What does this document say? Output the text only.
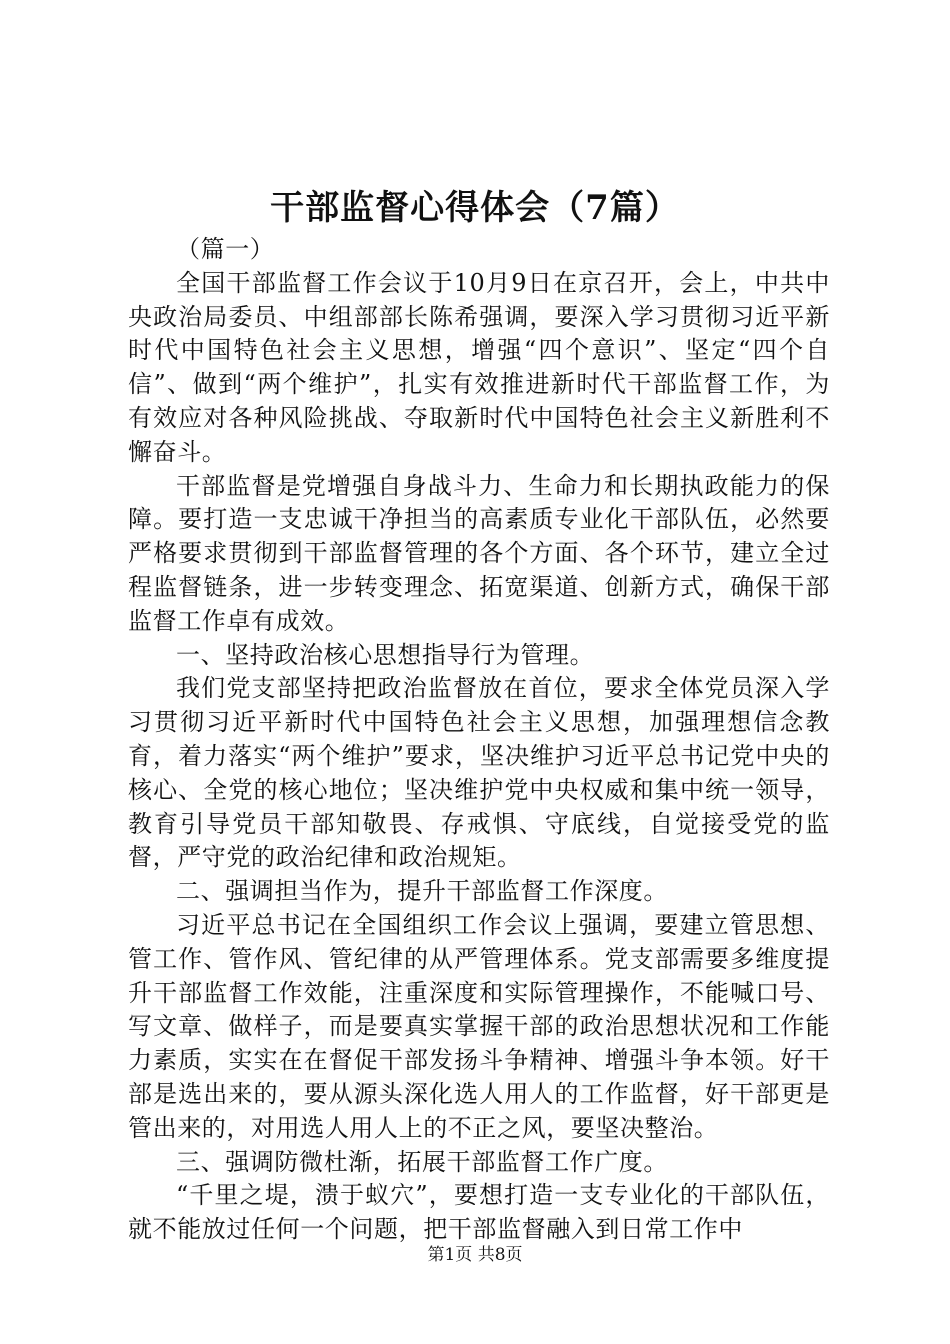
干部监督心得体会（7篇）

（篇一）

全国干部监督工作会议于10月9日在京召开，会上，中共中央政治局委员、中组部部长陈希强调，要深入学习贯彻习近平新时代中国特色社会主义思想，增强“四个意识”、坚定“四个自信”、做到“两个维护”，扎实有效推进新时代干部监督工作，为有效应对各种风险挑战、夺取新时代中国特色社会主义新胜利不懈奋斗。

干部监督是党增强自身战斗力、生命力和长期执政能力的保障。要打造一支忠诚干净担当的高素质专业化干部队伍，必然要严格要求贯彻到干部监督管理的各个方面、各个环节，建立全过程监督链条，进一步转变理念、拓宽渠道、创新方式，确保干部监督工作卓有成效。

一、坚持政治核心思想指导行为管理。

我们党支部坚持把政治监督放在首位，要求全体党员深入学习贯彻习近平新时代中国特色社会主义思想，加强理想信念教育，着力落实“两个维护”要求，坚决维护习近平总书记党中央的核心、全党的核心地位；坚决维护党中央权威和集中统一领导，教育引导党员干部知敬畏、存戒惧、守底线，自觉接受党的监督，严守党的政治纪律和政治规矩。

二、强调担当作为，提升干部监督工作深度。

习近平总书记在全国组织工作会议上强调，要建立管思想、管工作、管作风、管纪律的从严管理体系。党支部需要多维度提升干部监督工作效能，注重深度和实际管理操作，不能喊口号、写文章、做样子，而是要真实掌握干部的政治思想状况和工作能力素质，实实在在督促干部发扬斗争精神、增强斗争本领。好干部是选出来的，要从源头深化选人用人的工作监督，好干部更是管出来的，对用选人用人上的不正之风，要坚决整治。

三、强调防微杜渐，拓展干部监督工作广度。

“千里之堤，溃于蚁穴”，要想打造一支专业化的干部队伍，就不能放过任何一个问题，把干部监督融入到日常工作中

第1页 共8页
